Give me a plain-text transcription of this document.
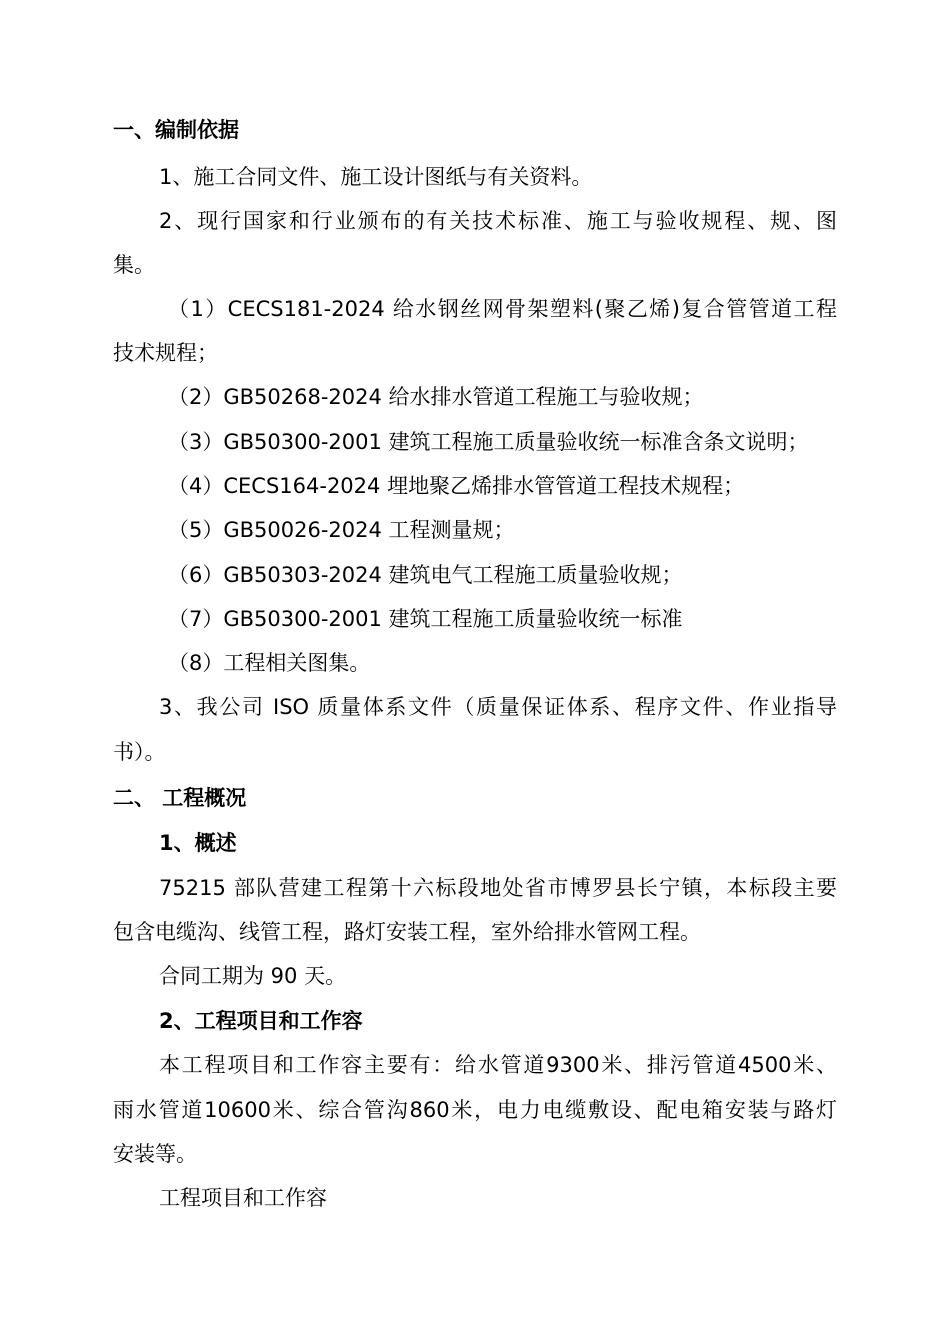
一、编制依据
1、施工合同文件、施工设计图纸与有关资料。
2、现行国家和行业颁布的有关技术标准、施工与验收规程、规、图
集。
（1）CECS181-2024 给水钢丝网骨架塑料(聚乙烯)复合管管道工程
技术规程；
（2）GB50268-2024 给水排水管道工程施工与验收规；
（3）GB50300-2001 建筑工程施工质量验收统一标准含条文说明；
（4）CECS164-2024 埋地聚乙烯排水管管道工程技术规程；
（5）GB50026-2024 工程测量规；
（6）GB50303-2024 建筑电气工程施工质量验收规；
（7）GB50300-2001 建筑工程施工质量验收统一标准
（8）工程相关图集。
3、我公司 ISO 质量体系文件（质量保证体系、程序文件、作业指导
书）。
二、 工程概况
1、概述
75215 部队营建工程第十六标段地处省市博罗县长宁镇，本标段主要
包含电缆沟、线管工程，路灯安装工程，室外给排水管网工程。
合同工期为 90 天。
2、工程项目和工作容
本工程项目和工作容主要有：给水管道9300米、排污管道4500米、
雨水管道10600米、综合管沟860米，电力电缆敷设、配电箱安装与路灯
安装等。
工程项目和工作容
